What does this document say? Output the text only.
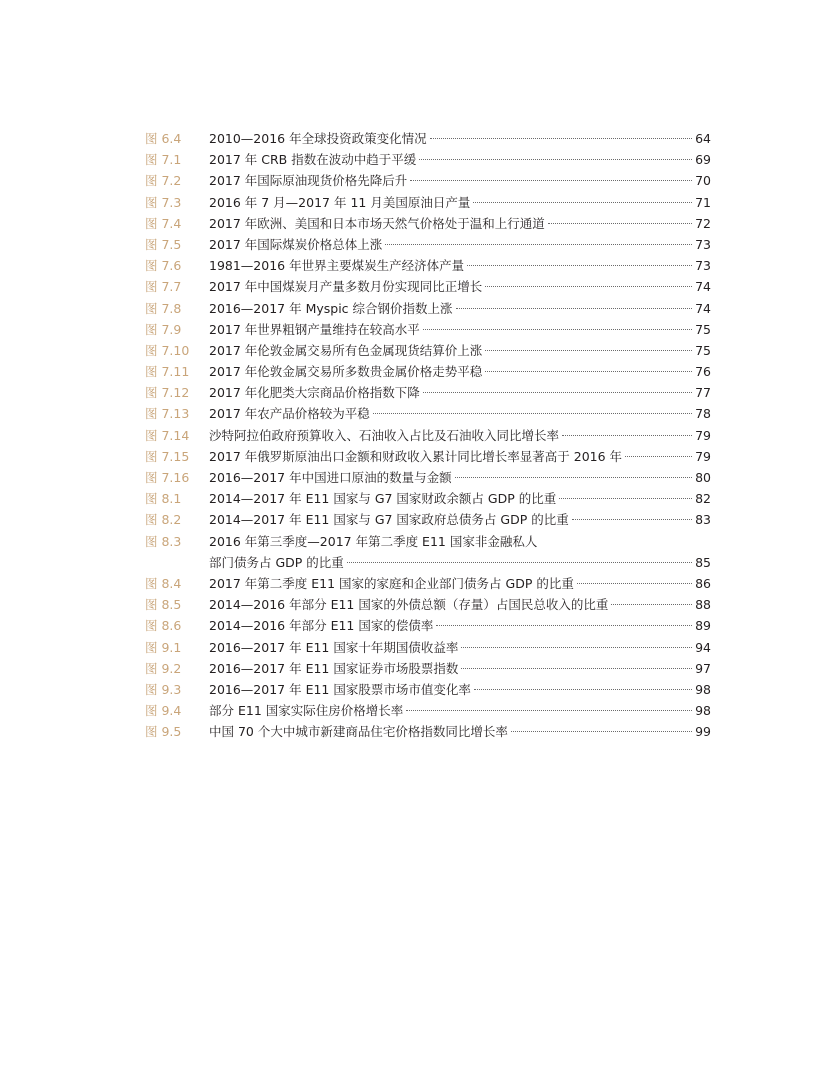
图 6.4	2010—2016 年全球投资政策变化情况	64
图 7.1	2017 年 CRB 指数在波动中趋于平缓	69
图 7.2	2017 年国际原油现货价格先降后升	70
图 7.3	2016 年 7 月—2017 年 11 月美国原油日产量	71
图 7.4	2017 年欧洲、美国和日本市场天然气价格处于温和上行通道	72
图 7.5	2017 年国际煤炭价格总体上涨	73
图 7.6	1981—2016 年世界主要煤炭生产经济体产量	73
图 7.7	2017 年中国煤炭月产量多数月份实现同比正增长	74
图 7.8	2016—2017 年 Myspic 综合钢价指数上涨	74
图 7.9	2017 年世界粗钢产量维持在较高水平	75
图 7.10	2017 年伦敦金属交易所有色金属现货结算价上涨	75
图 7.11	2017 年伦敦金属交易所多数贵金属价格走势平稳	76
图 7.12	2017 年化肥类大宗商品价格指数下降	77
图 7.13	2017 年农产品价格较为平稳	78
图 7.14	沙特阿拉伯政府预算收入、石油收入占比及石油收入同比增长率	79
图 7.15	2017 年俄罗斯原油出口金额和财政收入累计同比增长率显著高于 2016 年	79
图 7.16	2016—2017 年中国进口原油的数量与金额	80
图 8.1	2014—2017 年 E11 国家与 G7 国家财政余额占 GDP 的比重	82
图 8.2	2014—2017 年 E11 国家与 G7 国家政府总债务占 GDP 的比重	83
图 8.3	2016 年第三季度—2017 年第二季度 E11 国家非金融私人
部门债务占 GDP 的比重	85
图 8.4	2017 年第二季度 E11 国家的家庭和企业部门债务占 GDP 的比重	86
图 8.5	2014—2016 年部分 E11 国家的外债总额（存量）占国民总收入的比重	88
图 8.6	2014—2016 年部分 E11 国家的偿债率	89
图 9.1	2016—2017 年 E11 国家十年期国债收益率	94
图 9.2	2016—2017 年 E11 国家证券市场股票指数	97
图 9.3	2016—2017 年 E11 国家股票市场市值变化率	98
图 9.4	部分 E11 国家实际住房价格增长率	98
图 9.5	中国 70 个大中城市新建商品住宅价格指数同比增长率	99
